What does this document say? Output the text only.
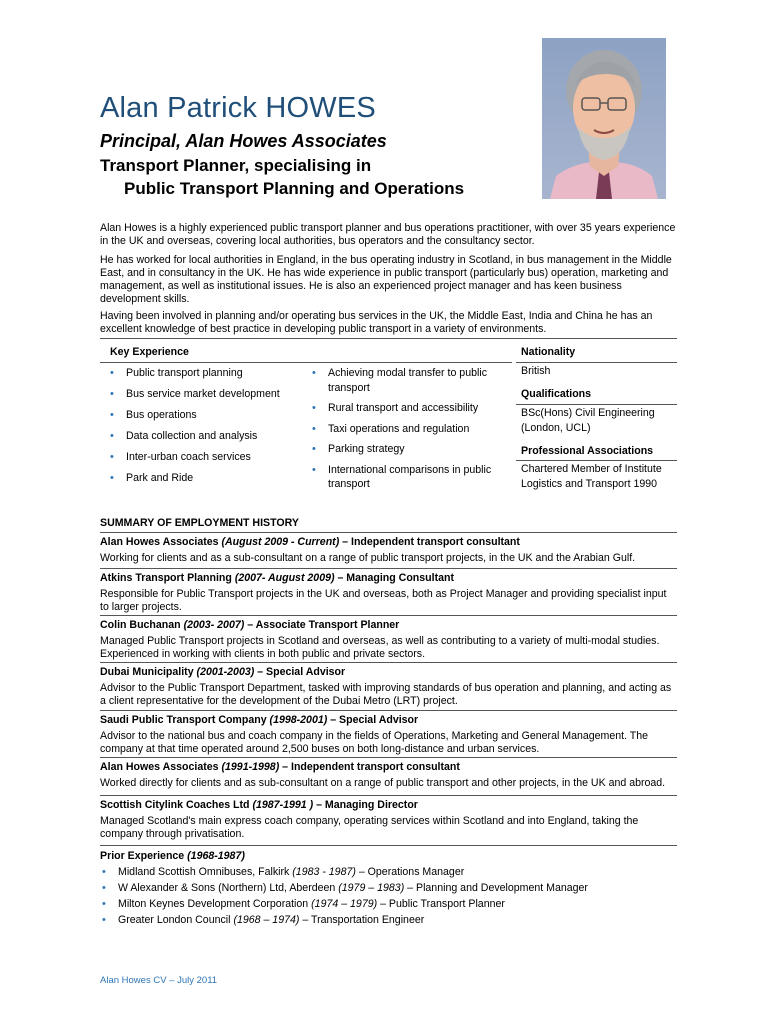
Alan Patrick HOWES
Principal, Alan Howes Associates
Transport Planner, specialising in
Public Transport Planning and Operations
Alan Howes is a highly experienced public transport planner and bus operations practitioner, with over 35 years experience in the UK and overseas, covering local authorities, bus operators and the consultancy sector.
He has worked for local authorities in England, in the bus operating industry in Scotland, in bus management in the Middle East, and in consultancy in the UK. He has wide experience in public transport (particularly bus) operation, marketing and management, as well as institutional issues. He is also an experienced project manager and has keen business development skills.
Having been involved in planning and/or operating bus services in the UK, the Middle East, India and China he has an excellent knowledge of best practice in developing public transport in a variety of environments.
Key Experience
• Public transport planning
• Bus service market development
• Bus operations
• Data collection and analysis
• Inter-urban coach services
• Park and Ride
• Achieving modal transfer to public transport
• Rural transport and accessibility
• Taxi operations and regulation
• Parking strategy
• International comparisons in public transport
Nationality
British
Qualifications
BSc(Hons) Civil Engineering (London, UCL)
Professional Associations
Chartered Member of Institute Logistics and Transport 1990
SUMMARY OF EMPLOYMENT HISTORY
Alan Howes Associates (August 2009 - Current) – Independent transport consultant
Working for clients and as a sub-consultant on a range of public transport projects, in the UK and the Arabian Gulf.
Atkins Transport Planning (2007- August 2009) – Managing Consultant
Responsible for Public Transport projects in the UK and overseas, both as Project Manager and providing specialist input to larger projects.
Colin Buchanan (2003- 2007) – Associate Transport Planner
Managed Public Transport projects in Scotland and overseas, as well as contributing to a variety of multi-modal studies. Experienced in working with clients in both public and private sectors.
Dubai Municipality (2001-2003) – Special Advisor
Advisor to the Public Transport Department, tasked with improving standards of bus operation and planning, and acting as a client representative for the development of the Dubai Metro (LRT) project.
Saudi Public Transport Company (1998-2001) – Special Advisor
Advisor to the national bus and coach company in the fields of Operations, Marketing and General Management. The company at that time operated around 2,500 buses on both long-distance and urban services.
Alan Howes Associates (1991-1998) – Independent transport consultant
Worked directly for clients and as sub-consultant on a range of public transport and other projects, in the UK and abroad.
Scottish Citylink Coaches Ltd (1987-1991 ) – Managing Director
Managed Scotland's main express coach company, operating services within Scotland and into England, taking the company through privatisation.
Prior Experience (1968-1987)
• Midland Scottish Omnibuses, Falkirk (1983 - 1987) – Operations Manager
• W Alexander & Sons (Northern) Ltd, Aberdeen (1979 – 1983) – Planning and Development Manager
• Milton Keynes Development Corporation (1974 – 1979) – Public Transport Planner
• Greater London Council (1968 – 1974) – Transportation Engineer
Alan Howes CV – July 2011
